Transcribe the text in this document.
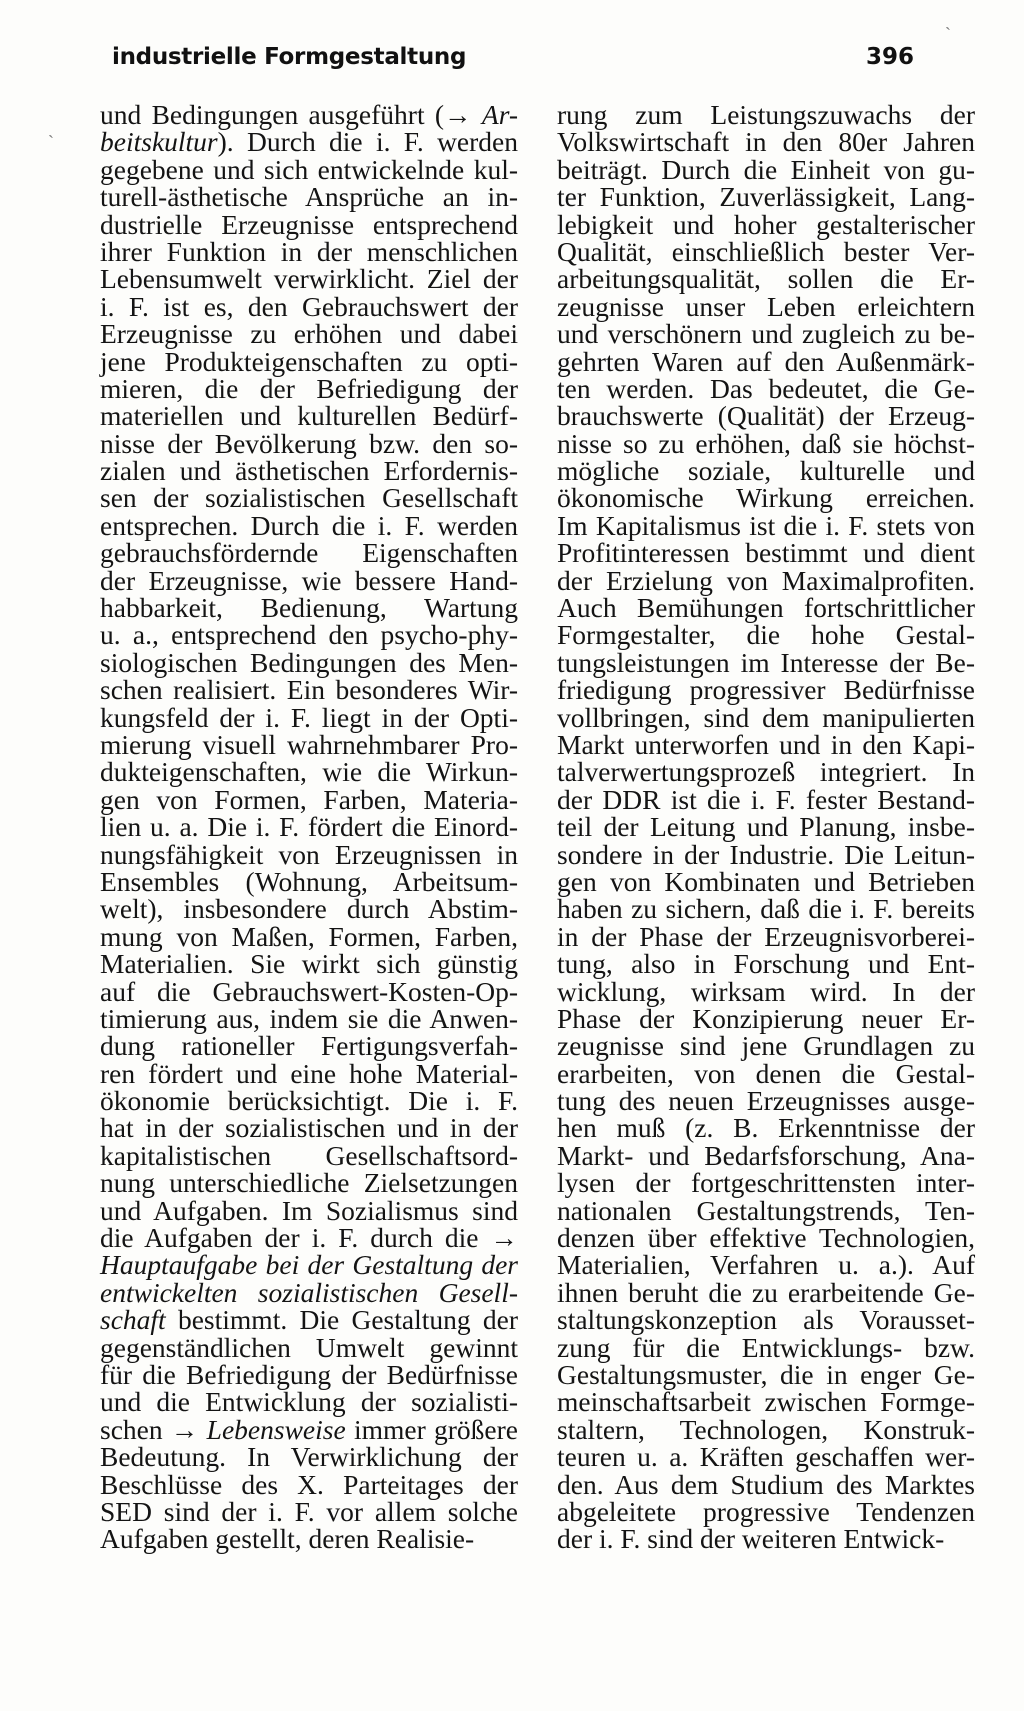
industrielle Formgestaltung	396
und Bedingungen ausgeführt (→ Ar-
beitskultur). Durch die i. F. werden
gegebene und sich entwickelnde kul-
turell-ästhetische Ansprüche an in-
dustrielle Erzeugnisse entsprechend
ihrer Funktion in der menschlichen
Lebensumwelt verwirklicht. Ziel der
i. F. ist es, den Gebrauchswert der
Erzeugnisse zu erhöhen und dabei
jene Produkteigenschaften zu opti-
mieren, die der Befriedigung der
materiellen und kulturellen Bedürf-
nisse der Bevölkerung bzw. den so-
zialen und ästhetischen Erfordernis-
sen der sozialistischen Gesellschaft
entsprechen. Durch die i. F. werden
gebrauchsfördernde Eigenschaften
der Erzeugnisse, wie bessere Hand-
habbarkeit, Bedienung, Wartung
u. a., entsprechend den psycho-phy-
siologischen Bedingungen des Men-
schen realisiert. Ein besonderes Wir-
kungsfeld der i. F. liegt in der Opti-
mierung visuell wahrnehmbarer Pro-
dukteigenschaften, wie die Wirkun-
gen von Formen, Farben, Materia-
lien u. a. Die i. F. fördert die Einord-
nungsfähigkeit von Erzeugnissen in
Ensembles (Wohnung, Arbeitsum-
welt), insbesondere durch Abstim-
mung von Maßen, Formen, Farben,
Materialien. Sie wirkt sich günstig
auf die Gebrauchswert-Kosten-Op-
timierung aus, indem sie die Anwen-
dung rationeller Fertigungsverfah-
ren fördert und eine hohe Material-
ökonomie berücksichtigt. Die i. F.
hat in der sozialistischen und in der
kapitalistischen Gesellschaftsord-
nung unterschiedliche Zielsetzungen
und Aufgaben. Im Sozialismus sind
die Aufgaben der i. F. durch die →
Hauptaufgabe bei der Gestaltung der
entwickelten sozialistischen Gesell-
schaft bestimmt. Die Gestaltung der
gegenständlichen Umwelt gewinnt
für die Befriedigung der Bedürfnisse
und die Entwicklung der sozialisti-
schen → Lebensweise immer größere
Bedeutung. In Verwirklichung der
Beschlüsse des X. Parteitages der
SED sind der i. F. vor allem solche
Aufgaben gestellt, deren Realisie-
rung zum Leistungszuwachs der
Volkswirtschaft in den 80er Jahren
beiträgt. Durch die Einheit von gu-
ter Funktion, Zuverlässigkeit, Lang-
lebigkeit und hoher gestalterischer
Qualität, einschließlich bester Ver-
arbeitungsqualität, sollen die Er-
zeugnisse unser Leben erleichtern
und verschönern und zugleich zu be-
gehrten Waren auf den Außenmärk-
ten werden. Das bedeutet, die Ge-
brauchswerte (Qualität) der Erzeug-
nisse so zu erhöhen, daß sie höchst-
mögliche soziale, kulturelle und
ökonomische Wirkung erreichen.
Im Kapitalismus ist die i. F. stets von
Profitinteressen bestimmt und dient
der Erzielung von Maximalprofiten.
Auch Bemühungen fortschrittlicher
Formgestalter, die hohe Gestal-
tungsleistungen im Interesse der Be-
friedigung progressiver Bedürfnisse
vollbringen, sind dem manipulierten
Markt unterworfen und in den Kapi-
talverwertungsprozeß integriert. In
der DDR ist die i. F. fester Bestand-
teil der Leitung und Planung, insbe-
sondere in der Industrie. Die Leitun-
gen von Kombinaten und Betrieben
haben zu sichern, daß die i. F. bereits
in der Phase der Erzeugnisvorberei-
tung, also in Forschung und Ent-
wicklung, wirksam wird. In der
Phase der Konzipierung neuer Er-
zeugnisse sind jene Grundlagen zu
erarbeiten, von denen die Gestal-
tung des neuen Erzeugnisses ausge-
hen muß (z. B. Erkenntnisse der
Markt- und Bedarfsforschung, Ana-
lysen der fortgeschrittensten inter-
nationalen Gestaltungstrends, Ten-
denzen über effektive Technologien,
Materialien, Verfahren u. a.). Auf
ihnen beruht die zu erarbeitende Ge-
staltungskonzeption als Vorausset-
zung für die Entwicklungs- bzw.
Gestaltungsmuster, die in enger Ge-
meinschaftsarbeit zwischen Formge-
staltern, Technologen, Konstruk-
teuren u. a. Kräften geschaffen wer-
den. Aus dem Studium des Marktes
abgeleitete progressive Tendenzen
der i. F. sind der weiteren Entwick-
ˏ
ˏ
